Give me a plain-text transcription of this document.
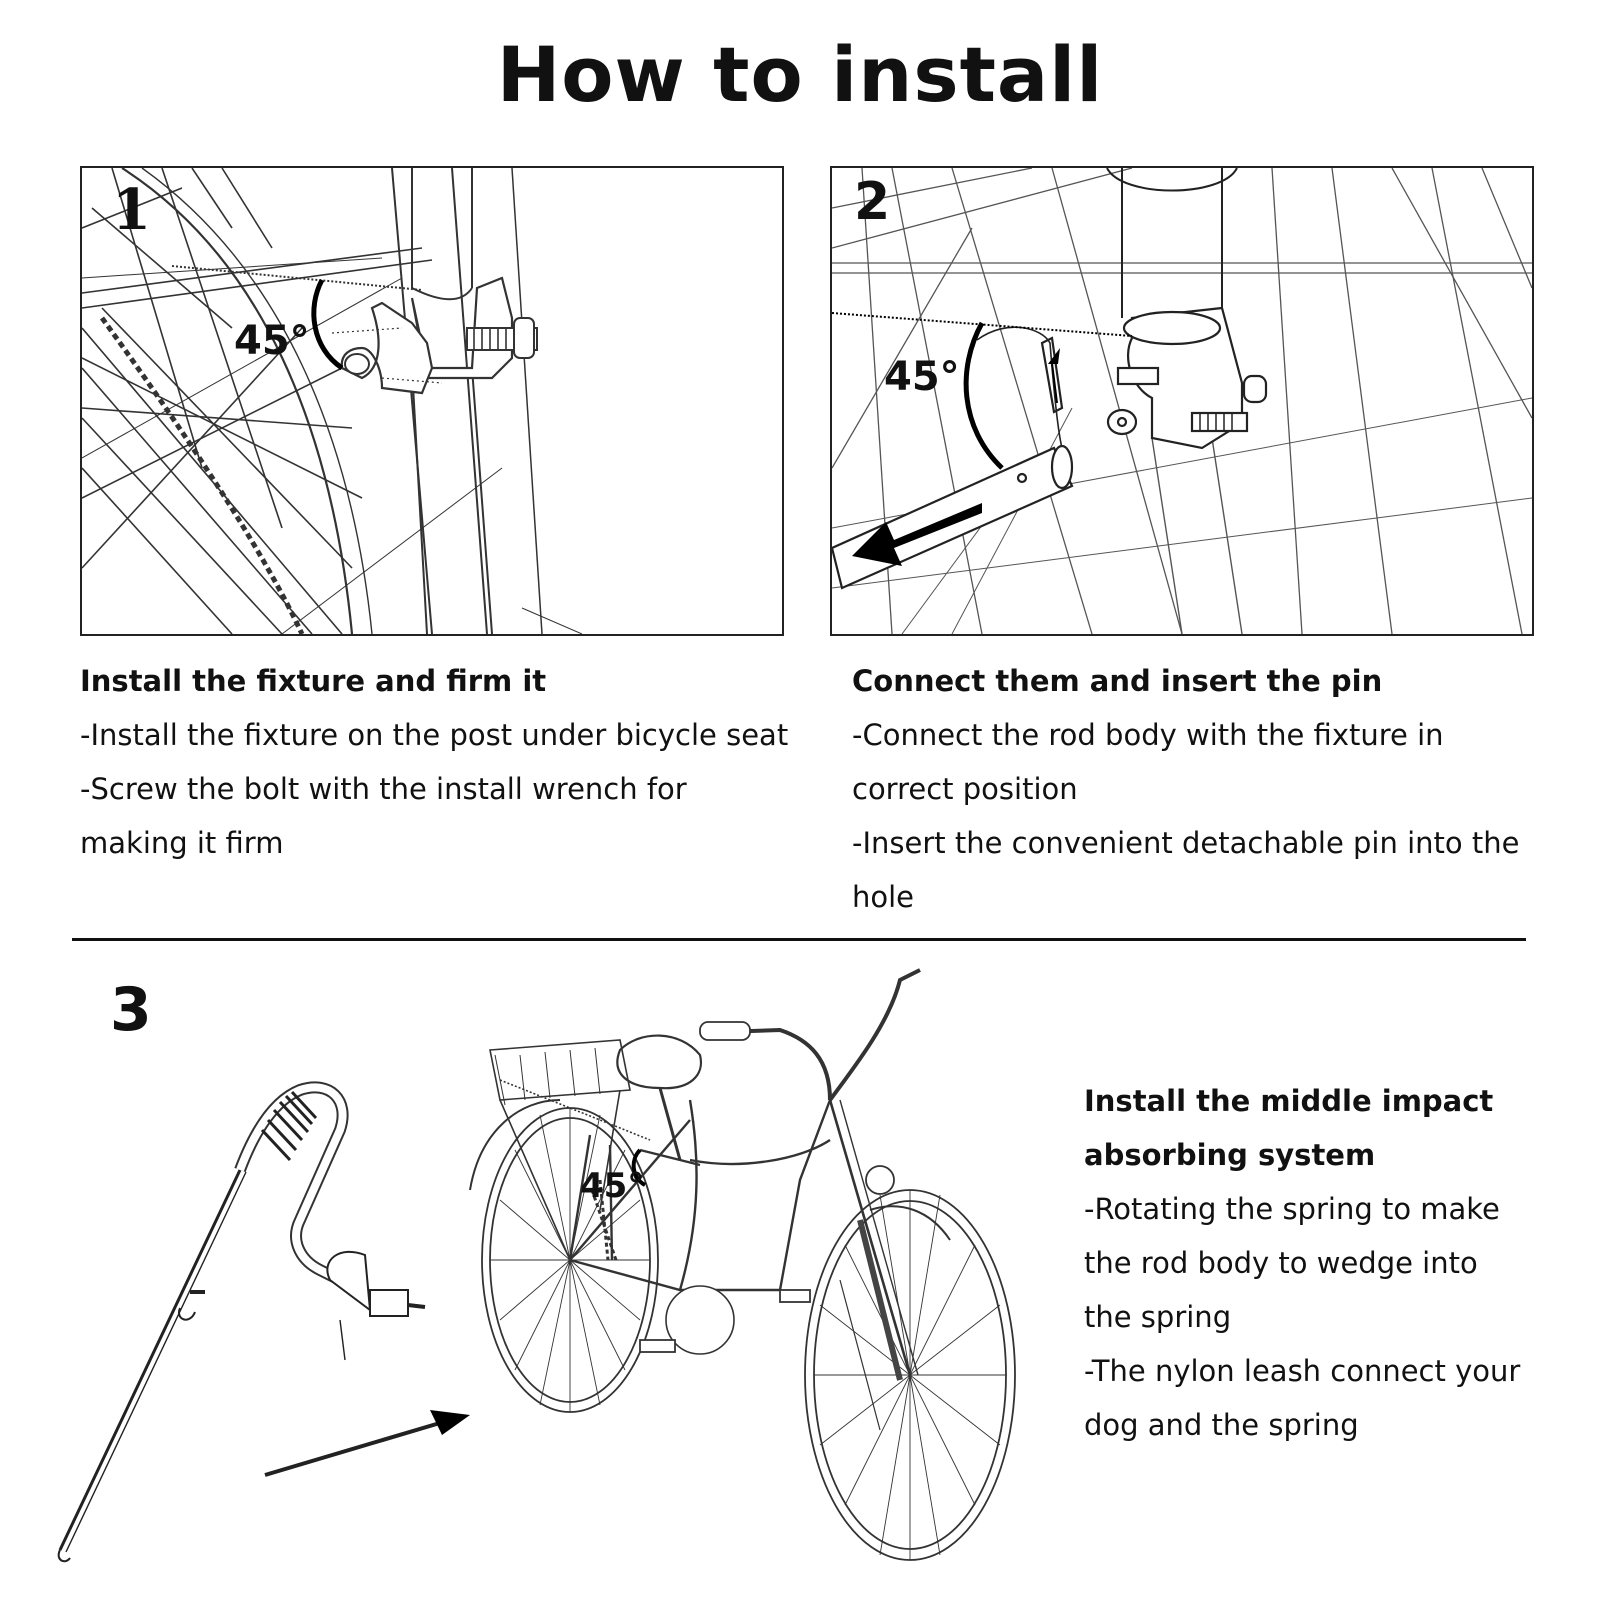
How to install
1
45°
2
45°
Install the fixture and firm it
-Install the fixture on the post under bicycle seat
-Screw the bolt with the install wrench for
making it firm
Connect them and insert the pin
-Connect the rod body with the fixture in
correct position
-Insert the convenient detachable pin into the
hole
3
45°
Install the middle impact
absorbing system
-Rotating the spring to make
the rod body to wedge into
the spring
-The nylon leash connect your
dog and the spring
